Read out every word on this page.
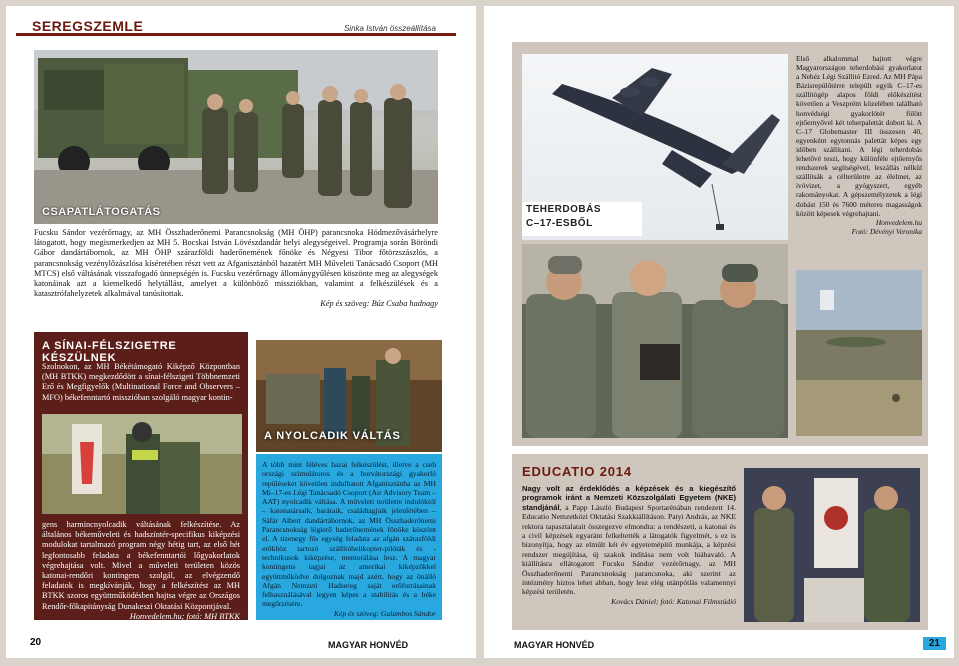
SEREGSZEMLE	Sinka István összeállítása
CSAPATLÁTOGATÁS
Fucsku Sándor vezérőrnagy, az MH Összhaderőnemi Parancsnokság (MH ÖHP) parancsnoka Hódmezővásárhelyre látogatott, hogy megismerkedjen az MH 5. Bocskai István Lövészdandár helyi alegységeivel. Programja során Böröndi Gábor dandártábornok, az MH ÖHP szárazföldi haderőnemének főnöke és Négyesi Tibor főtörzszászlós, a parancsnokság vezénylőzászlósa kíséretében részt vett az Afganisztánból hazatért MH Műveleti Tanácsadó Csoport (MH MTCS) első váltásának visszafogadó ünnepségén is. Fucsku vezérőrnagy állománygyűlésen köszönte meg az alegységek katonáinak azt a kiemelkedő helytállást, amelyet a különböző missziókban, valamint a felkészülések és a katasztrófahelyzetek alkalmával tanúsítottak.
Kép és szöveg: Búz Csaba hadnagy
A SÍNAI-FÉLSZIGETRE KÉSZÜLNEK
Szolnokon, az MH Békétámogató Kiképző Központban (MH BTKK) megkezdődött a sínai-félszigeti Többnemzeti Erő és Megfigyelők (Multinational Force and Observers – MFO) békefenntartó misszióban szolgáló magyar kontin-
gens harmincnyolcadik váltásának felkészítése. Az általános békeműveleti és hadszíntér-specifikus kiképzési modulokat tartalmazó program négy hétig tart, az első hét legfontosabb feladata a békefenntartói lőgyakorlatok végrehajtása volt. Mivel a műveleti területen közös katonai-rendőri kontingens szolgál, az elvégzendő feladatok is megkívánják, hogy a felkészítést az MH BTKK szoros együttműködésben hajtsa végre az Országos Rendőr-főkapitányság Dunakeszi Oktatási Központjával.
Honvedelem.hu; fotó: MH BTKK
A NYOLCADIK VÁLTÁS
A több mint féléves hazai felkészülést, illetve a cseh országi szimulátoros és a horvátországi gyakorló repüléseket követően indulhatott Afganisztánba az MH Mi–17-es Légi Tanácsadó Csoport (Air Advisory Team – AAT) nyolcadik váltása. A műveleti területre indulóktól – katonatársaik, barátaik, családtagjaik jelenlétében – Sáfár Albert dandártábornok, az MH Összhaderőnemi Parancsnokság légierő haderőnemének főnöke köszönt el. A tizenegy fős egység feladata az afgán szárazföldi erőkhöz tartozó szállítóhelikopter-pilóták és -technikusok kiképzése, mentorálása lesz. A magyar kontingens tagjai az amerikai kiképzőkkel együttműködve dolgoznak majd azért, hogy az önálló Afgán Nemzeti Hadsereg saját erőforrásainak felhasználásával legyen képes a stabilitás és a béke megőrzésére.
Kép és szöveg: Galambos Sándor
20	MAGYAR HONVÉD
TEHERDOBÁS
C–17-ESBŐL
Első alkalommal hajtott végre Magyarországon teherdobási gyakorlatot a Nehéz Légi Szállító Ezred. Az MH Pápa Bázisrepülőtérre települt egyik C–17-es szállítógép alapos földi előkészítést követően a Veszprém közelében található honvédségi gyakorlótér fölött ejtőernyővel két teherpalettát dobott ki. A C–17 Globemaster III összesen 40, egyenként egytonnás palettát képes egy időben szállítani. A légi teherdobás lehetővé teszi, hogy különféle ejtőernyős rendszerek segítségével, leszállás nélkül szállítsák a célterületre az élelmet, az ivóvizet, a gyógyszert, egyéb rakományokat. A gépszemélyzetek a légi dobást 150 és 7600 méteres magasságok között képesek végrehajtani.
Honvedelem.hu
Fotó: Dévényi Veronika
EDUCATIO 2014
Nagy volt az érdeklődés a képzések és a kiegészítő programok iránt a Nemzeti Közszolgálati Egyetem (NKE) standjánál, a Papp László Budapest Sportarénában rendezett 14. Educatio Nemzetközi Oktatási Szakkiállításon. Patyi András, az NKE rektora tapasztalatait összegezve elmondta: a rendészeti, a katonai és a civil képzések egyaránt felkeltették a látogatók figyelmét, s ez is bizonyítja, hogy az elmúlt két év egyetemépítő munkája, a képzési rendszer megújítása, új szakok indítása nem volt hiábavaló. A kiállításra ellátogatott Fucsku Sándor vezérőrnagy, az MH Összhaderőnemi Parancsnokság parancsnoka, aki szerint az intézmény hiztos lehet abban, hogy lesz elég utánpótlás valamennyi képzési területén.
Kovács Dániel; fotó: Katonai Filmstúdió
MAGYAR HONVÉD	21
